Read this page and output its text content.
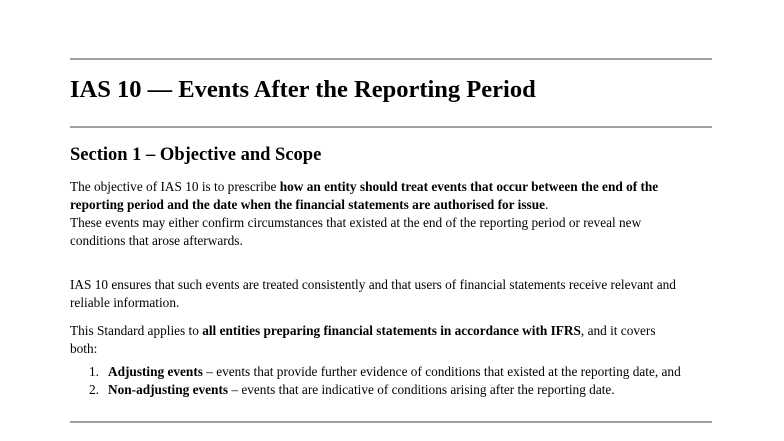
IAS 10 — Events After the Reporting Period
Section 1 – Objective and Scope

The objective of IAS 10 is to prescribe how an entity should treat events that occur between the end of the
reporting period and the date when the financial statements are authorised for issue.
These events may either confirm circumstances that existed at the end of the reporting period or reveal new
conditions that arose afterwards.

IAS 10 ensures that such events are treated consistently and that users of financial statements receive relevant and
reliable information.

This Standard applies to all entities preparing financial statements in accordance with IFRS, and it covers
both:

1. Adjusting events – events that provide further evidence of conditions that existed at the reporting date, and
2. Non-adjusting events – events that are indicative of conditions arising after the reporting date.
